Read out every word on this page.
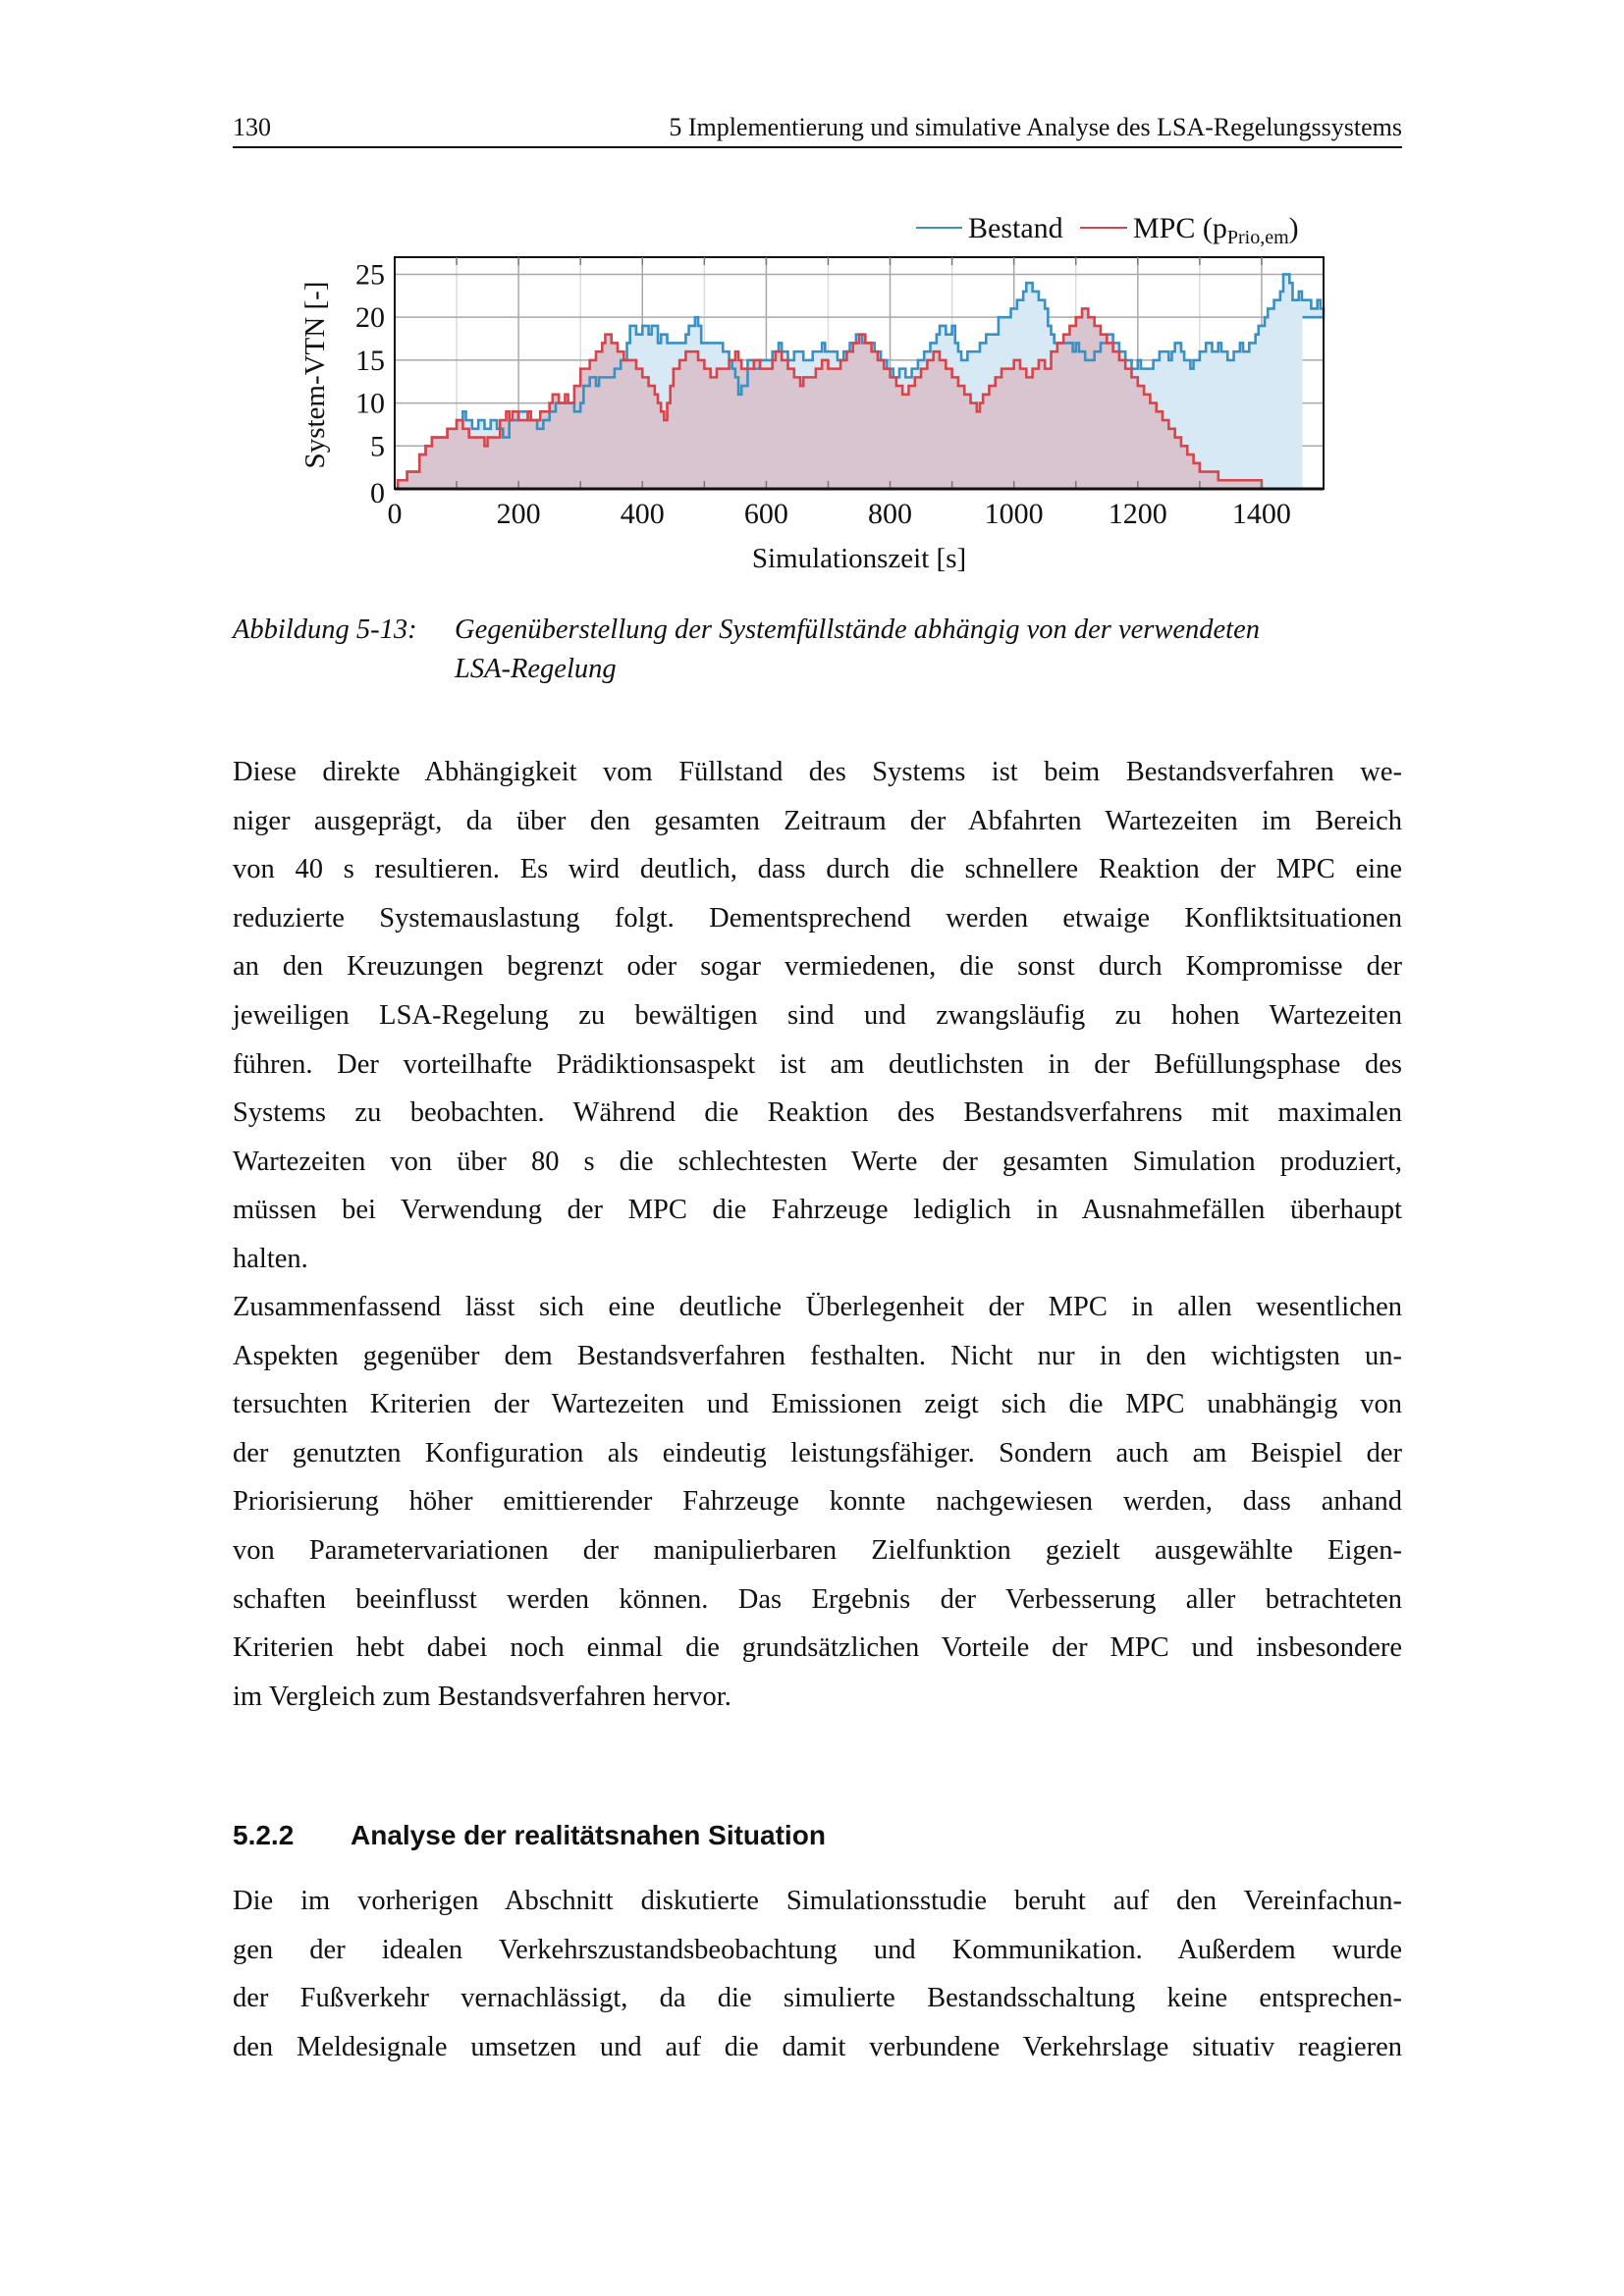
130	5 Implementierung und simulative Analyse des LSA-Regelungssystems
0	200	400	600	800 1000 1200 1400
0
5
10
15
20
25
System-VTN [-]
Simulationszeit [s]
Bestand MPC $(p_{Prio,em})$
Abbildung 5-13: Gegenüberstellung der Systemfüllstände abhängig von der verwendeten
LSA-Regelung
Diese direkte Abhängigkeit vom Füllstand des Systems ist beim Bestandsverfahren we-
niger ausgeprägt, da über den gesamten Zeitraum der Abfahrten Wartezeiten im Bereich
von 40 s resultieren. Es wird deutlich, dass durch die schnellere Reaktion der MPC eine
reduzierte Systemauslastung folgt. Dementsprechend werden etwaige Konfliktsituationen
an den Kreuzungen begrenzt oder sogar vermiedenen, die sonst durch Kompromisse der
jeweiligen LSA-Regelung zu bewältigen sind und zwangsläufig zu hohen Wartezeiten
führen. Der vorteilhafte Prädiktionsaspekt ist am deutlichsten in der Befüllungsphase des
Systems zu beobachten. Während die Reaktion des Bestandsverfahrens mit maximalen
Wartezeiten von über 80 s die schlechtesten Werte der gesamten Simulation produziert,
müssen bei Verwendung der MPC die Fahrzeuge lediglich in Ausnahmefällen überhaupt
halten.
Zusammenfassend lässt sich eine deutliche Überlegenheit der MPC in allen wesentlichen
Aspekten gegenüber dem Bestandsverfahren festhalten. Nicht nur in den wichtigsten un-
tersuchten Kriterien der Wartezeiten und Emissionen zeigt sich die MPC unabhängig von
der genutzten Konfiguration als eindeutig leistungsfähiger. Sondern auch am Beispiel der
Priorisierung höher emittierender Fahrzeuge konnte nachgewiesen werden, dass anhand
von Parametervariationen der manipulierbaren Zielfunktion gezielt ausgewählte Eigen-
schaften beeinflusst werden können. Das Ergebnis der Verbesserung aller betrachteten
Kriterien hebt dabei noch einmal die grundsätzlichen Vorteile der MPC und insbesondere
im Vergleich zum Bestandsverfahren hervor.
5.2.2 Analyse der realitätsnahen Situation
Die im vorherigen Abschnitt diskutierte Simulationsstudie beruht auf den Vereinfachun-
gen der idealen Verkehrszustandsbeobachtung und Kommunikation. Außerdem wurde
der Fußverkehr vernachlässigt, da die simulierte Bestandsschaltung keine entsprechen-
den Meldesignale umsetzen und auf die damit verbundene Verkehrslage situativ reagieren
